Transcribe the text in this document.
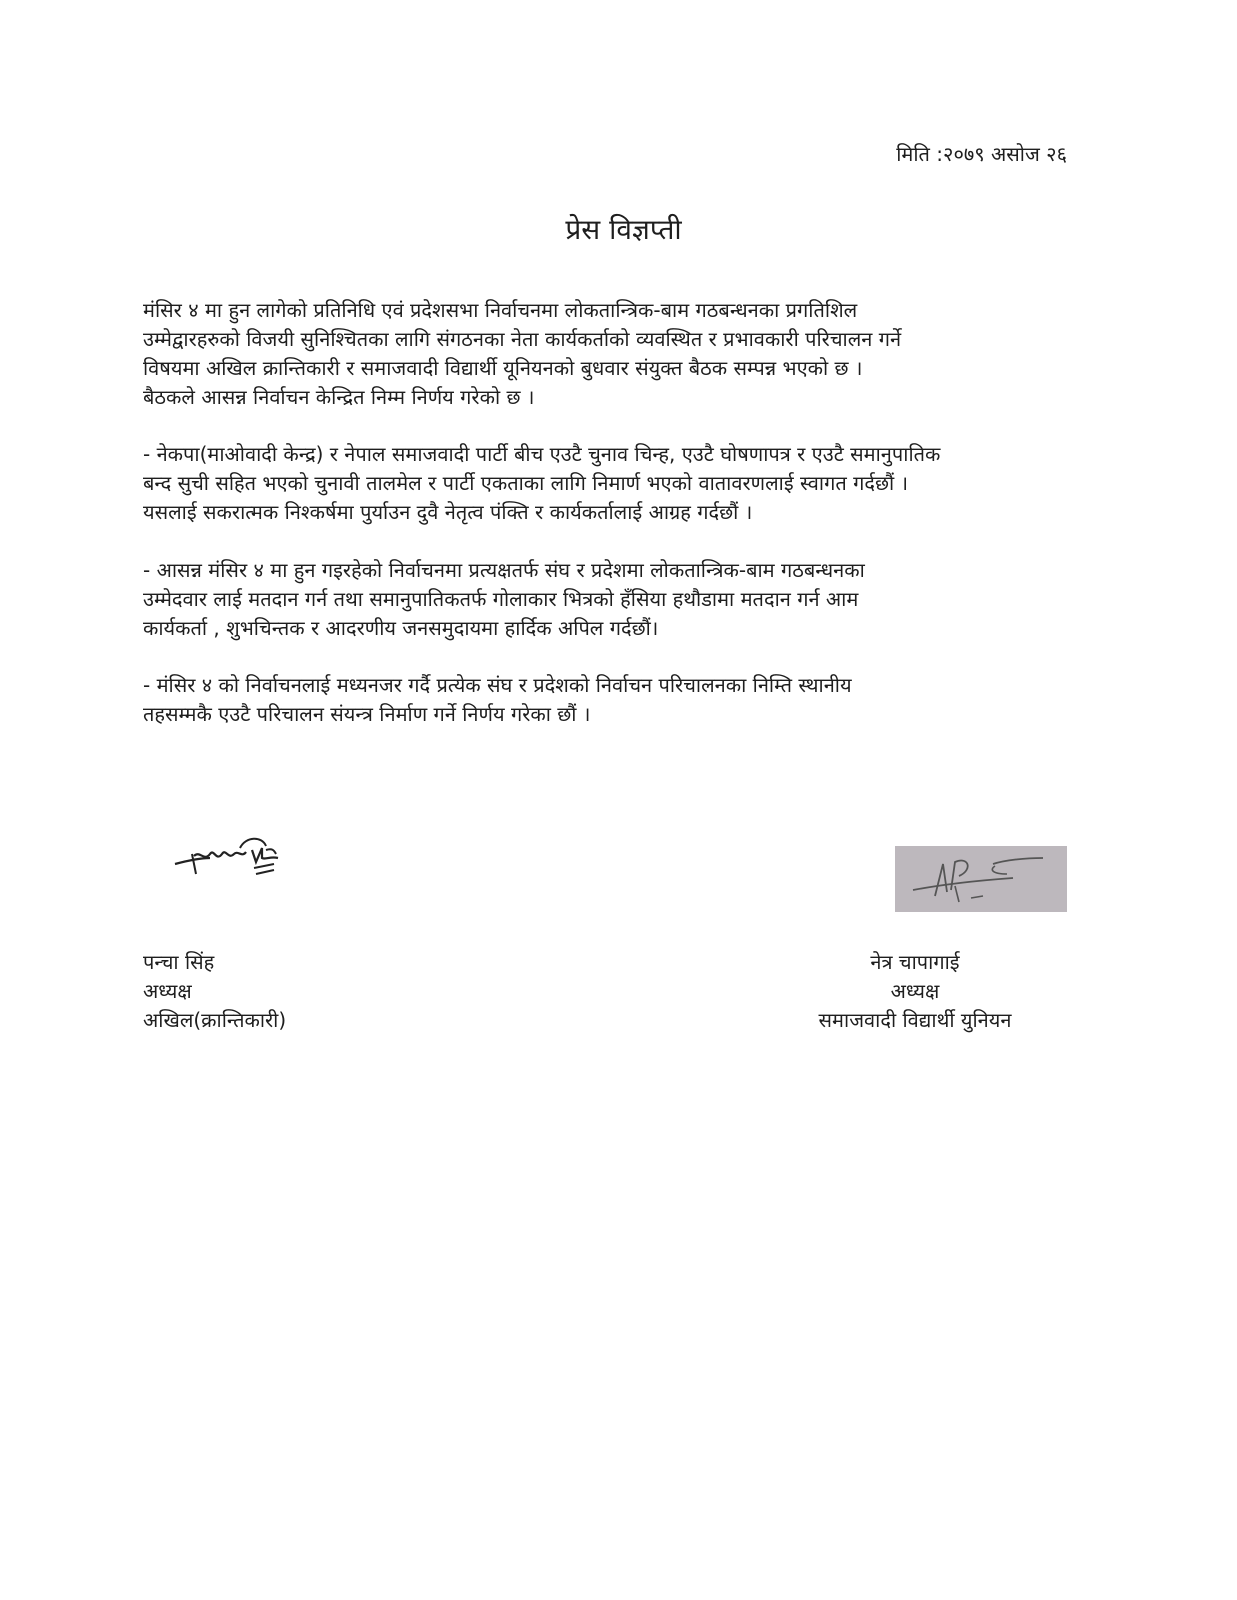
मिति :२०७९ असोज २६
प्रेस विज्ञप्ती
मंसिर ४ मा हुन लागेको प्रतिनिधि एवं प्रदेशसभा निर्वाचनमा लोकतान्त्रिक-बाम गठबन्धनका प्रगतिशिल
उम्मेद्वारहरुको विजयी सुनिश्चितका लागि संगठनका नेता कार्यकर्ताको व्यवस्थित र प्रभावकारी परिचालन गर्ने
विषयमा अखिल क्रान्तिकारी र समाजवादी विद्यार्थी यूनियनको बुधवार संयुक्त बैठक सम्पन्न भएको छ ।
बैठकले आसन्न निर्वाचन केन्द्रित निम्म निर्णय गरेको छ ।
- नेकपा(माओवादी केन्द्र) र नेपाल समाजवादी पार्टी बीच एउटै चुनाव चिन्ह, एउटै घोषणापत्र र एउटै समानुपातिक
बन्द सुची सहित भएको चुनावी तालमेल र पार्टी एकताका लागि निमार्ण भएको वातावरणलाई स्वागत गर्दछौं ।
यसलाई सकरात्मक निश्कर्षमा पुर्याउन दुवै नेतृत्व पंक्ति र कार्यकर्तालाई आग्रह गर्दछौं ।
- आसन्न मंसिर ४ मा हुन गइरहेको निर्वाचनमा प्रत्यक्षतर्फ संघ र प्रदेशमा लोकतान्त्रिक-बाम गठबन्धनका
उम्मेदवार लाई मतदान गर्न तथा समानुपातिकतर्फ गोलाकार भित्रको हँसिया हथौडामा मतदान गर्न आम
कार्यकर्ता , शुभचिन्तक र आदरणीय जनसमुदायमा हार्दिक अपिल गर्दछौं।
- मंसिर ४ को निर्वाचनलाई मध्यनजर गर्दै प्रत्येक संघ र प्रदेशको निर्वाचन परिचालनका निम्ति स्थानीय
तहसम्मकै एउटै परिचालन संयन्त्र निर्माण गर्ने निर्णय गरेका छौं ।
पन्चा सिंह
अध्यक्ष
अखिल(क्रान्तिकारी)
नेत्र चापागाई
अध्यक्ष
समाजवादी विद्यार्थी युनियन
